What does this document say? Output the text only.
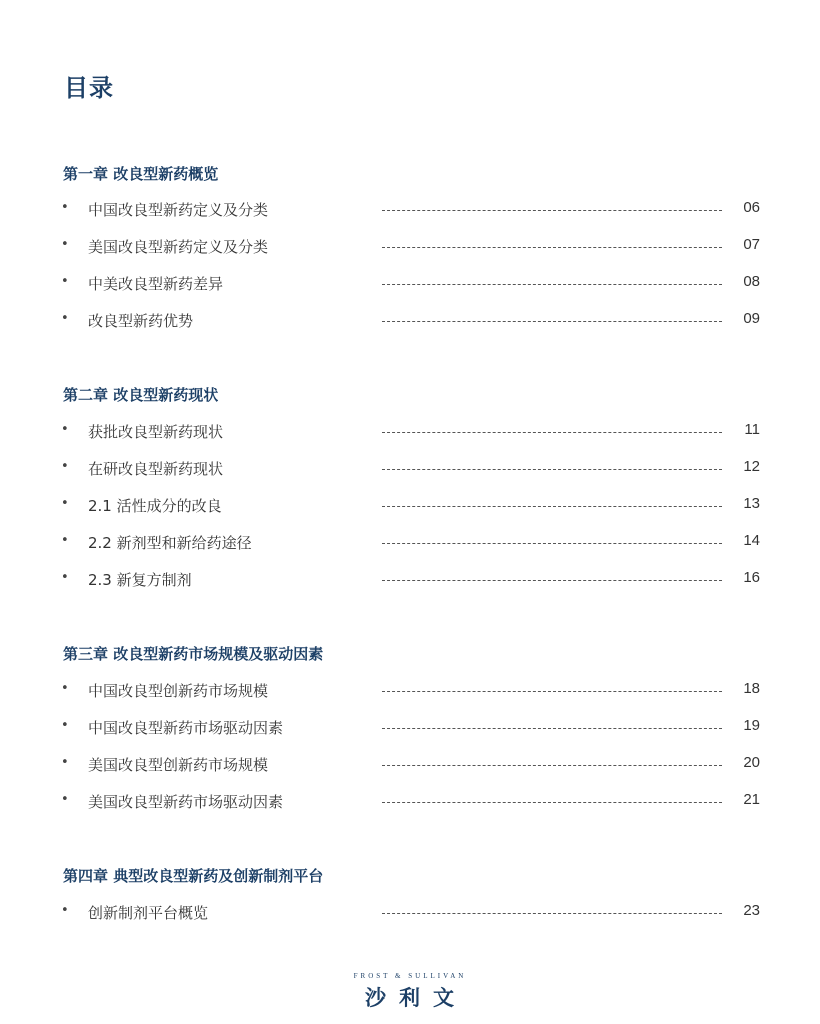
目录
第一章 改良型新药概览
• 中国改良型新药定义及分类	06
• 美国改良型新药定义及分类	07
• 中美改良型新药差异	08
• 改良型新药优势	09
第二章 改良型新药现状
• 获批改良型新药现状	11
• 在研改良型新药现状	12
• 2.1 活性成分的改良	13
• 2.2 新剂型和新给药途径	14
• 2.3 新复方制剂	16
第三章 改良型新药市场规模及驱动因素
• 中国改良型创新药市场规模	18
• 中国改良型新药市场驱动因素	19
• 美国改良型创新药市场规模	20
• 美国改良型新药市场驱动因素	21
第四章 典型改良型新药及创新制剂平台
• 创新制剂平台概览	23
FROST & SULLIVAN
沙利文
